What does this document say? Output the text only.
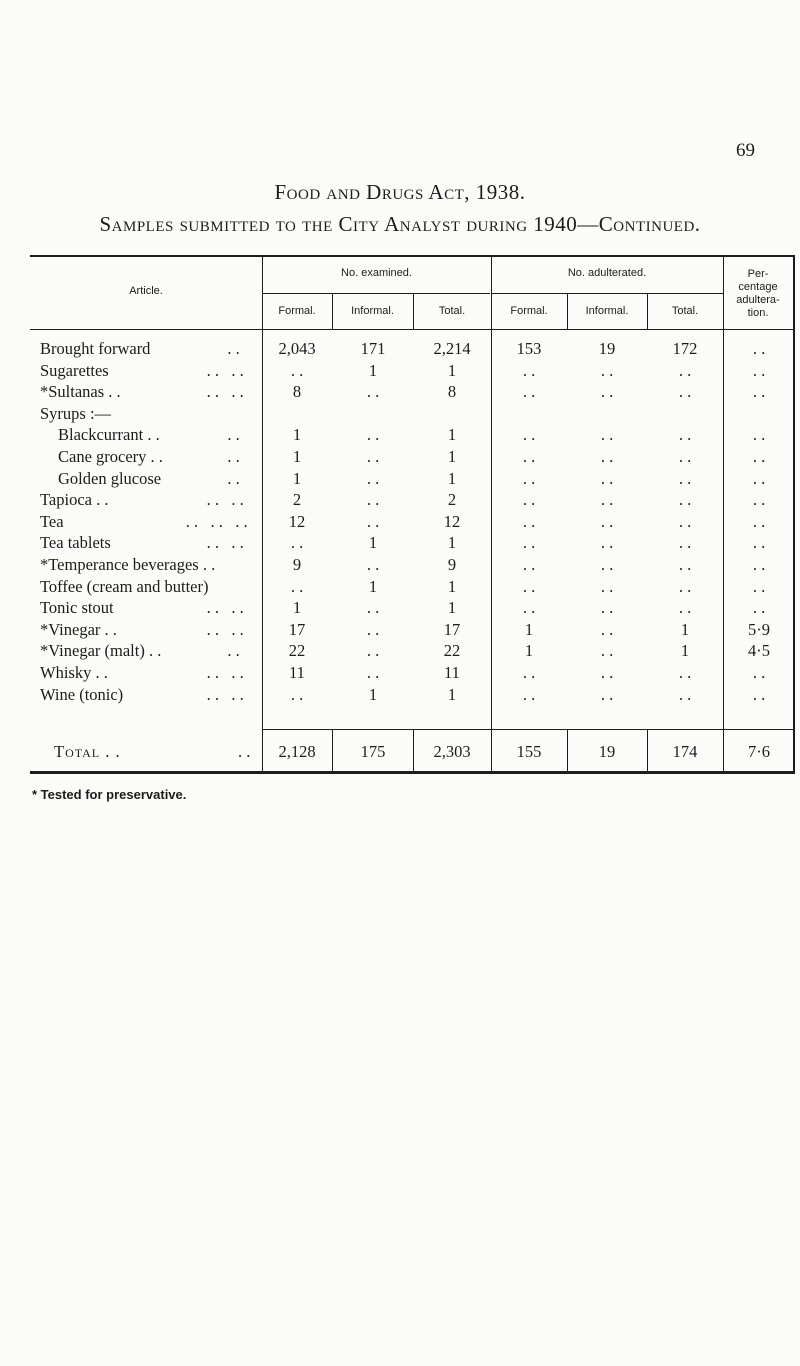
69
Food and Drugs Act, 1938.
Samples submitted to the City Analyst during 1940—Continued.
Article.
No. examined.	No. adulterated.	Per-
centage
adultera-
tion.
Formal.	Informal.	Total.	Formal.	Informal.	Total.
Brought forward	. .	2,043	171	2,214	153	19	172	. .
Sugarettes	. .   . .	. .	1	1	. .	. .	. .	. .
*Sultanas . .	. .   . .	8	. .	8	. .	. .	. .	. .
Syrups :—
Blackcurrant . .	. .	1	. .	1	. .	. .	. .	. .
Cane grocery . .	. .	1	. .	1	. .	. .	. .	. .
Golden glucose	. .	1	. .	1	. .	. .	. .	. .
Tapioca . .	. .   . .	2	. .	2	. .	. .	. .	. .
Tea	. .   . .   . .	12	. .	12	. .	. .	. .	. .
Tea tablets	. .   . .	. .	1	1	. .	. .	. .	. .
*Temperance beverages . .	9	. .	9	. .	. .	. .	. .
Toffee (cream and butter)	. .	1	1	. .	. .	. .	. .
Tonic stout	. .   . .	1	. .	1	. .	. .	. .	. .
*Vinegar . .	. .   . .	17	. .	17	1	. .	1	5·9
*Vinegar (malt) . .	. .	22	. .	22	1	. .	1	4·5
Whisky . .	. .   . .	11	. .	11	. .	. .	. .	. .
Wine (tonic)	. .   . .	. .	1	1	. .	. .	. .	. .
Total . .	. .	2,128	175	2,303	155	19	174	7·6
* Tested for preservative.
